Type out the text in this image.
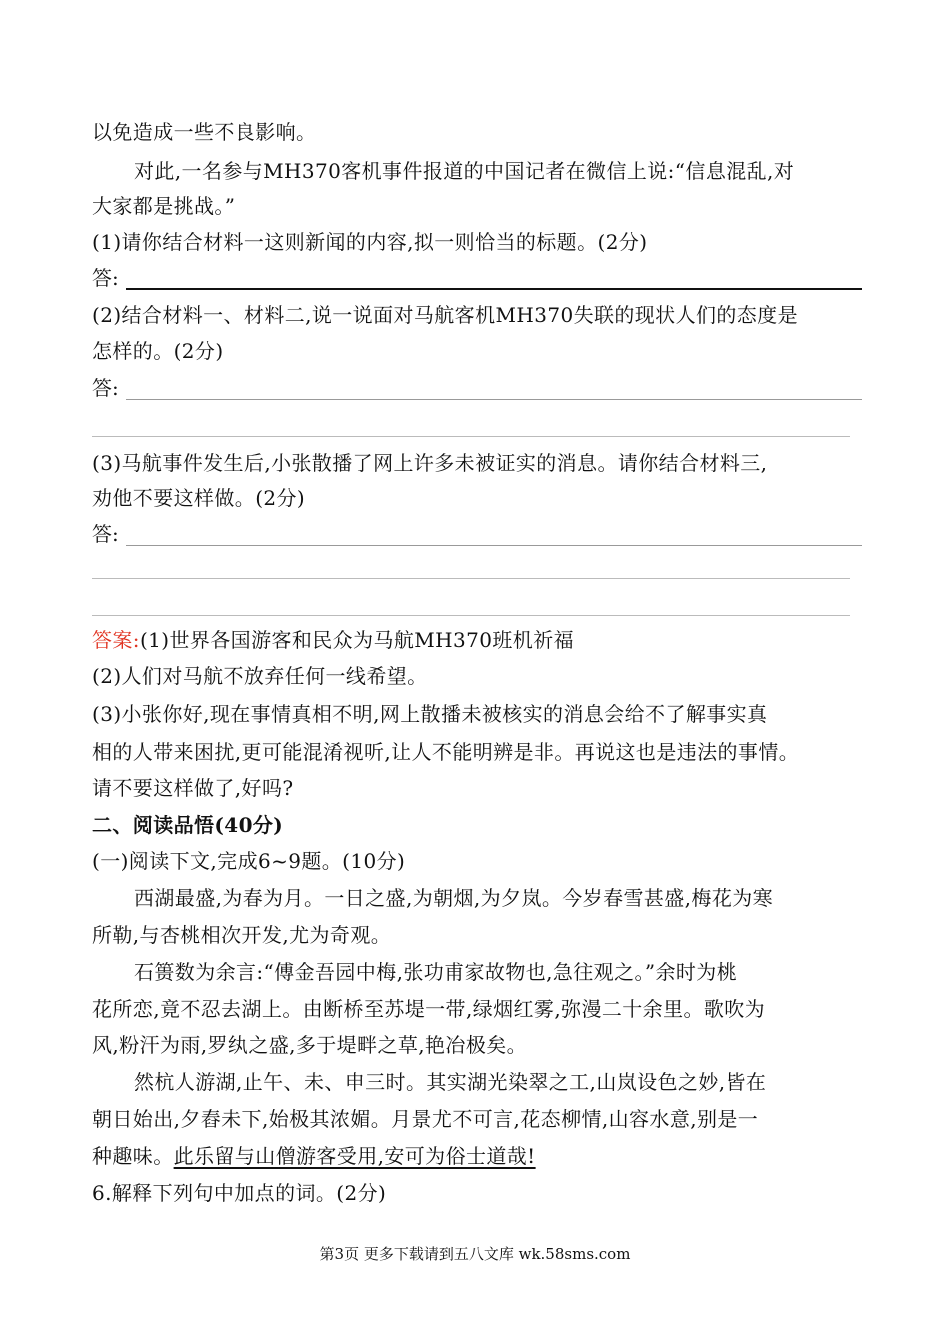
以免造成一些不良影响。
对此,一名参与MH370客机事件报道的中国记者在微信上说:“信息混乱,对
大家都是挑战。”
(1)请你结合材料一这则新闻的内容,拟一则恰当的标题。(2分)
答:
(2)结合材料一、材料二,说一说面对马航客机MH370失联的现状人们的态度是
怎样的。(2分)
答:
(3)马航事件发生后,小张散播了网上许多未被证实的消息。请你结合材料三,
劝他不要这样做。(2分)
答:
答案:(1)世界各国游客和民众为马航MH370班机祈福
(2)人们对马航不放弃任何一线希望。
(3)小张你好,现在事情真相不明,网上散播未被核实的消息会给不了解事实真
相的人带来困扰,更可能混淆视听,让人不能明辨是非。再说这也是违法的事情。
请不要这样做了,好吗?
二、阅读品悟(40分)
(一)阅读下文,完成6~9题。(10分)
西湖最盛,为春为月。一日之盛,为朝烟,为夕岚。今岁春雪甚盛,梅花为寒
所勒,与杏桃相次开发,尤为奇观。
石篑数为余言:“傅金吾园中梅,张功甫家故物也,急往观之。”余时为桃
花所恋,竟不忍去湖上。由断桥至苏堤一带,绿烟红雾,弥漫二十余里。歌吹为
风,粉汗为雨,罗纨之盛,多于堤畔之草,艳冶极矣。
然杭人游湖,止午、未、申三时。其实湖光染翠之工,山岚设色之妙,皆在
朝日始出,夕舂未下,始极其浓媚。月景尤不可言,花态柳情,山容水意,别是一
种趣味。此乐留与山僧游客受用,安可为俗士道哉!
6.解释下列句中加点的词。(2分)
第3页 更多下载请到五八文库 wk.58sms.com
